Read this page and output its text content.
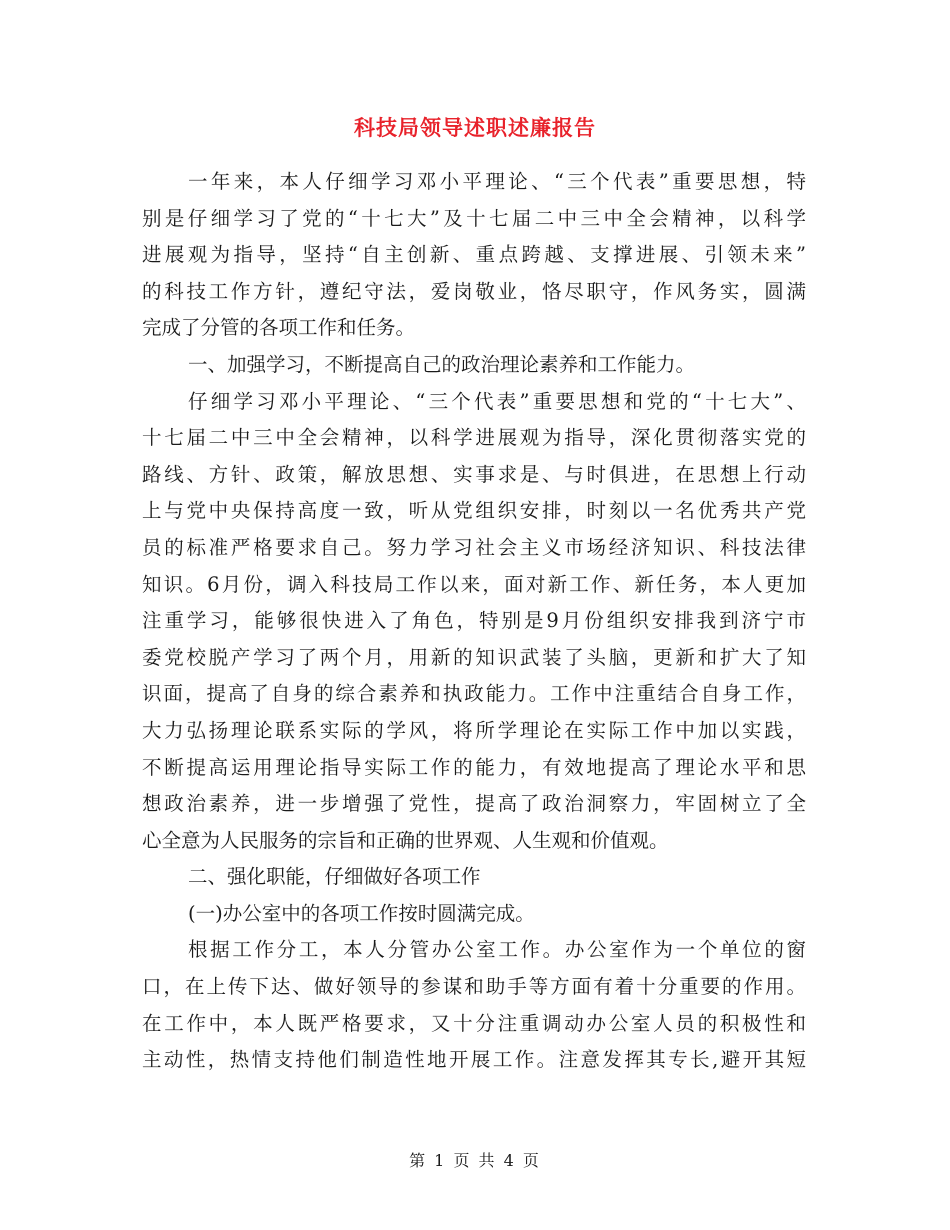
科技局领导述职述廉报告
一年来，本人仔细学习邓小平理论、“三个代表”重要思想，特
别是仔细学习了党的“十七大”及十七届二中三中全会精神，以科学
进展观为指导，坚持“自主创新、重点跨越、支撑进展、引领未来”
的科技工作方针，遵纪守法，爱岗敬业，恪尽职守，作风务实，圆满
完成了分管的各项工作和任务。
一、加强学习，不断提高自己的政治理论素养和工作能力。
仔细学习邓小平理论、“三个代表”重要思想和党的“十七大”、
十七届二中三中全会精神，以科学进展观为指导，深化贯彻落实党的
路线、方针、政策，解放思想、实事求是、与时俱进，在思想上行动
上与党中央保持高度一致，听从党组织安排，时刻以一名优秀共产党
员的标准严格要求自己。努力学习社会主义市场经济知识、科技法律
知识。6月份，调入科技局工作以来，面对新工作、新任务，本人更加
注重学习，能够很快进入了角色，特别是9月份组织安排我到济宁市
委党校脱产学习了两个月，用新的知识武装了头脑，更新和扩大了知
识面，提高了自身的综合素养和执政能力。工作中注重结合自身工作，
大力弘扬理论联系实际的学风，将所学理论在实际工作中加以实践，
不断提高运用理论指导实际工作的能力，有效地提高了理论水平和思
想政治素养，进一步增强了党性，提高了政治洞察力，牢固树立了全
心全意为人民服务的宗旨和正确的世界观、人生观和价值观。
二、强化职能，仔细做好各项工作
(一)办公室中的各项工作按时圆满完成。
根据工作分工，本人分管办公室工作。办公室作为一个单位的窗
口，在上传下达、做好领导的参谋和助手等方面有着十分重要的作用。
在工作中，本人既严格要求，又十分注重调动办公室人员的积极性和
主动性，热情支持他们制造性地开展工作。注意发挥其专长,避开其短
第 1 页 共 4 页
